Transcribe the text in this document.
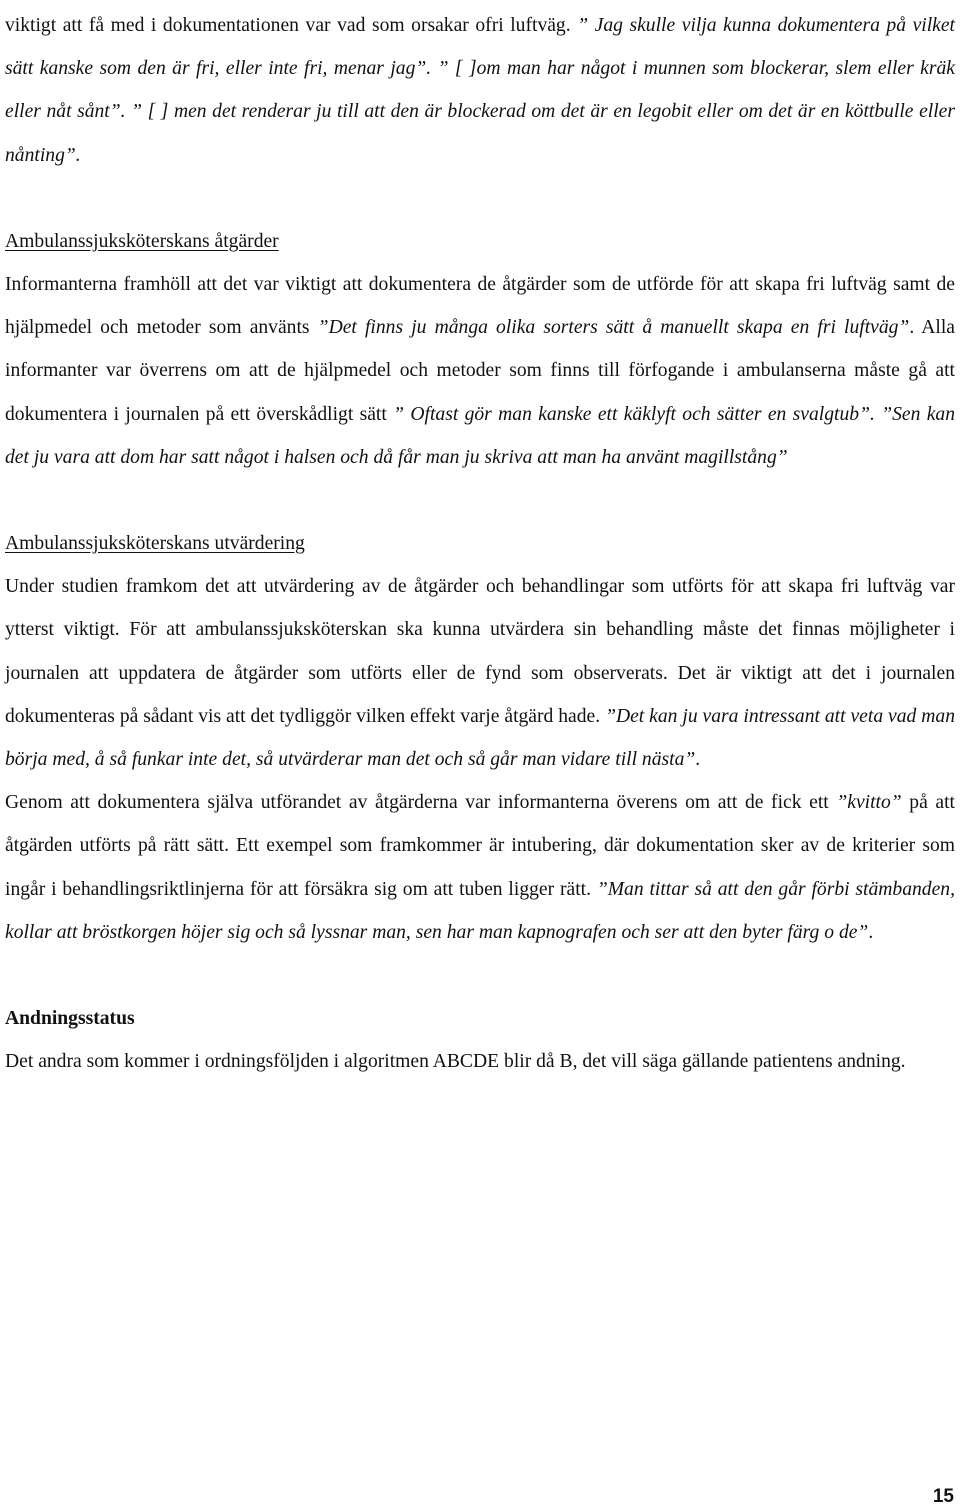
viktigt att få med i dokumentationen var vad som orsakar ofri luftväg. ” Jag skulle vilja kunna dokumentera på vilket sätt kanske som den är fri, eller inte fri, menar jag”. ” [ ]om man har något i munnen som blockerar, slem eller kräk eller nåt sånt”. ” [ ] men det renderar ju till att den är blockerad om det är en legobit eller om det är en köttbulle eller nånting”.

Ambulanssjuksköterskans åtgärder

Informanterna framhöll att det var viktigt att dokumentera de åtgärder som de utförde för att skapa fri luftväg samt de hjälpmedel och metoder som använts ”Det finns ju många olika sorters sätt å manuellt skapa en fri luftväg”. Alla informanter var överrens om att de hjälpmedel och metoder som finns till förfogande i ambulanserna måste gå att dokumentera i journalen på ett överskådligt sätt ” Oftast gör man kanske ett käklyft och sätter en svalgtub”. ”Sen kan det ju vara att dom har satt något i halsen och då får man ju skriva att man ha använt magillstång”

Ambulanssjuksköterskans utvärdering

Under studien framkom det att utvärdering av de åtgärder och behandlingar som utförts för att skapa fri luftväg var ytterst viktigt. För att ambulanssjuksköterskan ska kunna utvärdera sin behandling måste det finnas möjligheter i journalen att uppdatera de åtgärder som utförts eller de fynd som observerats. Det är viktigt att det i journalen dokumenteras på sådant vis att det tydliggör vilken effekt varje åtgärd hade. ”Det kan ju vara intressant att veta vad man börja med, å så funkar inte det, så utvärderar man det och så går man vidare till nästa”.

Genom att dokumentera själva utförandet av åtgärderna var informanterna överens om att de fick ett ”kvitto” på att åtgärden utförts på rätt sätt. Ett exempel som framkommer är intubering, där dokumentation sker av de kriterier som ingår i behandlingsriktlinjerna för att försäkra sig om att tuben ligger rätt. ”Man tittar så att den går förbi stämbanden, kollar att bröstkorgen höjer sig och så lyssnar man, sen har man kapnografen och ser att den byter färg o de”.

Andningsstatus

Det andra som kommer i ordningsföljden i algoritmen ABCDE blir då B, det vill säga gällande patientens andning.

15
